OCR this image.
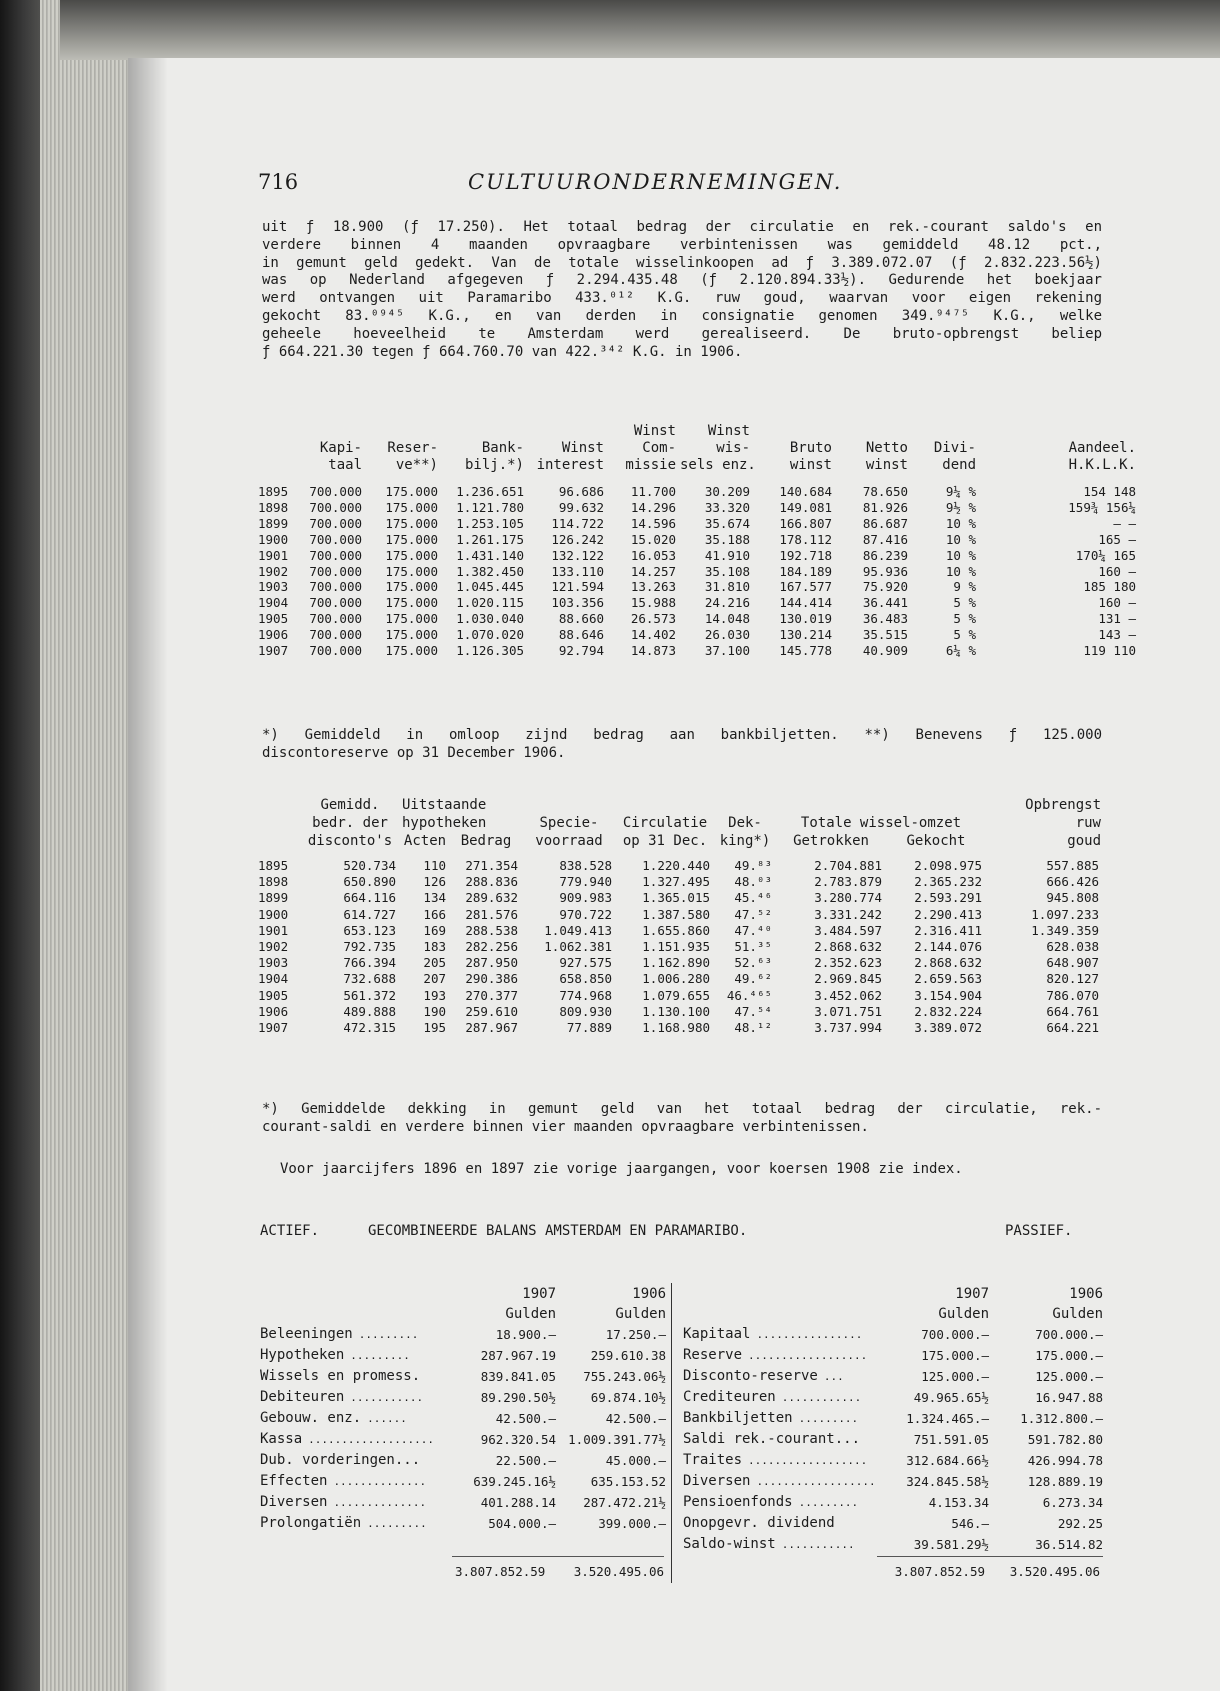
716	CULTUURONDERNEMINGEN.
uit ƒ 18.900 (ƒ 17.250). Het totaal bedrag der circulatie en rek.-courant saldo's en
verdere binnen 4 maanden opvraagbare verbintenissen was gemiddeld 48.12 pct.,
in gemunt geld gedekt. Van de totale wisselinkoopen ad ƒ 3.389.072.07 (ƒ 2.832.223.56½)
was op Nederland afgegeven ƒ 2.294.435.48 (ƒ 2.120.894.33½). Gedurende het boekjaar
werd ontvangen uit Paramaribo 433.⁰¹² K.G. ruw goud, waarvan voor eigen rekening
gekocht 83.⁰⁹⁴⁵ K.G., en van derden in consignatie genomen 349.⁹⁴⁷⁵ K.G., welke
geheele hoeveelheid te Amsterdam werd gerealiseerd. De bruto-opbrengst beliep
ƒ 664.221.30 tegen ƒ 664.760.70 van 422.³⁴² K.G. in 1906.
					Winst	Winst				
	Kapi-	Reser-	Bank-	Winst	Com-	wis-	Bruto	Netto	Divi-	Aandeel.
	taal	ve**)	bilj.*)	interest	missie	sels enz.	winst	winst	dend	H.K.L.K.
1895	700.000	175.000	1.236.651	96.686	11.700	30.209	140.684	78.650	9¼ %	154 148
1898	700.000	175.000	1.121.780	99.632	14.296	33.320	149.081	81.926	9½ %	159¾ 156¼
1899	700.000	175.000	1.253.105	114.722	14.596	35.674	166.807	86.687	10 %	— —
1900	700.000	175.000	1.261.175	126.242	15.020	35.188	178.112	87.416	10 %	165 —
1901	700.000	175.000	1.431.140	132.122	16.053	41.910	192.718	86.239	10 %	170¼ 165
1902	700.000	175.000	1.382.450	133.110	14.257	35.108	184.189	95.936	10 %	160 —
1903	700.000	175.000	1.045.445	121.594	13.263	31.810	167.577	75.920	9 %	185 180
1904	700.000	175.000	1.020.115	103.356	15.988	24.216	144.414	36.441	5 %	160 —
1905	700.000	175.000	1.030.040	88.660	26.573	14.048	130.019	36.483	5 %	131 —
1906	700.000	175.000	1.070.020	88.646	14.402	26.030	130.214	35.515	5 %	143 —
1907	700.000	175.000	1.126.305	92.794	14.873	37.100	145.778	40.909	6¼ %	119 110
*) Gemiddeld in omloop zijnd bedrag aan bankbiljetten. **) Benevens ƒ 125.000
discontoreserve op 31 December 1906.
	Gemidd.	Uitstaande							Opbrengst
	bedr. der	hypotheken		Specie-	Circulatie	Dek-	Totale wissel-omzet		ruw
	disconto's	Acten	Bedrag	voorraad	op 31 Dec.	king*)	Getrokken	Gekocht	goud
1895	520.734	110	271.354	838.528	1.220.440	49.⁸³	2.704.881	2.098.975	557.885
1898	650.890	126	288.836	779.940	1.327.495	48.⁰³	2.783.879	2.365.232	666.426
1899	664.116	134	289.632	909.983	1.365.015	45.⁴⁶	3.280.774	2.593.291	945.808
1900	614.727	166	281.576	970.722	1.387.580	47.⁵²	3.331.242	2.290.413	1.097.233
1901	653.123	169	288.538	1.049.413	1.655.860	47.⁴⁰	3.484.597	2.316.411	1.349.359
1902	792.735	183	282.256	1.062.381	1.151.935	51.³⁵	2.868.632	2.144.076	628.038
1903	766.394	205	287.950	927.575	1.162.890	52.⁶³	2.352.623	2.868.632	648.907
1904	732.688	207	290.386	658.850	1.006.280	49.⁶²	2.969.845	2.659.563	820.127
1905	561.372	193	270.377	774.968	1.079.655	46.⁴⁶⁵	3.452.062	3.154.904	786.070
1906	489.888	190	259.610	809.930	1.130.100	47.⁵⁴	3.071.751	2.832.224	664.761
1907	472.315	195	287.967	77.889	1.168.980	48.¹²	3.737.994	3.389.072	664.221
*) Gemiddelde dekking in gemunt geld van het totaal bedrag der circulatie, rek.-
courant-saldi en verdere binnen vier maanden opvraagbare verbintenissen.
Voor jaarcijfers 1896 en 1897 zie vorige jaargangen, voor koersen 1908 zie index.
ACTIEF.	GECOMBINEERDE BALANS AMSTERDAM EN PARAMARIBO.	PASSIEF.
	1907	1906
	Gulden	Gulden
Beleeningen .........	18.900.—	17.250.—
Hypotheken .........	287.967.19	259.610.38
Wissels en promess.	839.841.05	755.243.06½
Debiteuren ...........	89.290.50½	69.874.10½
Gebouw. enz. ......	42.500.—	42.500.—
Kassa ...................	962.320.54	1.009.391.77½
Dub. vorderingen...	22.500.—	45.000.—
Effecten ..............	639.245.16½	635.153.52
Diversen ..............	401.288.14	287.472.21½
Prolongatiën .........	504.000.—	399.000.—
	1907	1906
	Gulden	Gulden
Kapitaal ................	700.000.—	700.000.—
Reserve ..................	175.000.—	175.000.—
Disconto-reserve ...	125.000.—	125.000.—
Crediteuren ............	49.965.65½	16.947.88
Bankbiljetten .........	1.324.465.—	1.312.800.—
Saldi rek.-courant...	751.591.05	591.782.80
Traites ..................	312.684.66½	426.994.78
Diversen ..................	324.845.58½	128.889.19
Pensioenfonds .........	4.153.34	6.273.34
Onopgevr. dividend	546.—	292.25
Saldo-winst ...........	39.581.29½	36.514.82
3.807.852.59	3.520.495.06	3.807.852.59	3.520.495.06
